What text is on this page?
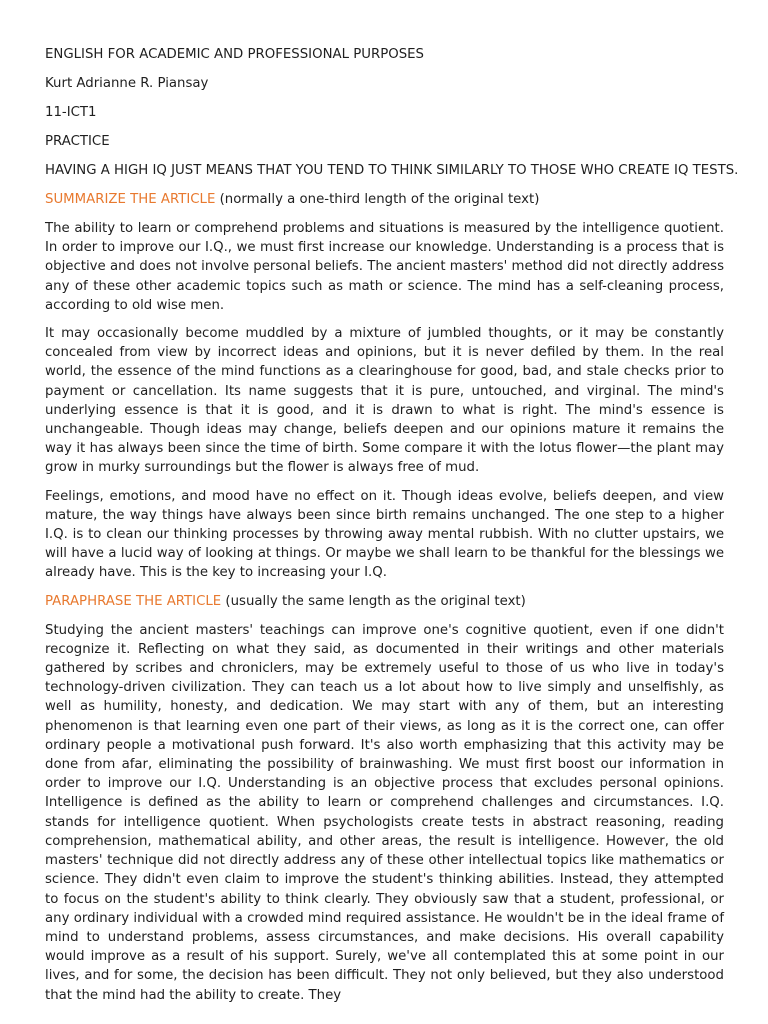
ENGLISH FOR ACADEMIC AND PROFESSIONAL PURPOSES

Kurt Adrianne R. Piansay

11-ICT1

PRACTICE

HAVING A HIGH IQ JUST MEANS THAT YOU TEND TO THINK SIMILARLY TO THOSE WHO CREATE IQ TESTS.

SUMMARIZE THE ARTICLE (normally a one-third length of the original text)

The ability to learn or comprehend problems and situations is measured by the intelligence quotient. In order to improve our I.Q., we must first increase our knowledge. Understanding is a process that is objective and does not involve personal beliefs. The ancient masters' method did not directly address any of these other academic topics such as math or science. The mind has a self-cleaning process, according to old wise men.

It may occasionally become muddled by a mixture of jumbled thoughts, or it may be constantly concealed from view by incorrect ideas and opinions, but it is never defiled by them. In the real world, the essence of the mind functions as a clearinghouse for good, bad, and stale checks prior to payment or cancellation. Its name suggests that it is pure, untouched, and virginal. The mind's underlying essence is that it is good, and it is drawn to what is right. The mind's essence is unchangeable. Though ideas may change, beliefs deepen and our opinions mature it remains the way it has always been since the time of birth. Some compare it with the lotus flower—the plant may grow in murky surroundings but the flower is always free of mud.

Feelings, emotions, and mood have no effect on it. Though ideas evolve, beliefs deepen, and view mature, the way things have always been since birth remains unchanged. The one step to a higher I.Q. is to clean our thinking processes by throwing away mental rubbish. With no clutter upstairs, we will have a lucid way of looking at things. Or maybe we shall learn to be thankful for the blessings we already have. This is the key to increasing your I.Q.

PARAPHRASE THE ARTICLE (usually the same length as the original text)

Studying the ancient masters' teachings can improve one's cognitive quotient, even if one didn't recognize it. Reflecting on what they said, as documented in their writings and other materials gathered by scribes and chroniclers, may be extremely useful to those of us who live in today's technology-driven civilization. They can teach us a lot about how to live simply and unselfishly, as well as humility, honesty, and dedication. We may start with any of them, but an interesting phenomenon is that learning even one part of their views, as long as it is the correct one, can offer ordinary people a motivational push forward. It's also worth emphasizing that this activity may be done from afar, eliminating the possibility of brainwashing. We must first boost our information in order to improve our I.Q. Understanding is an objective process that excludes personal opinions. Intelligence is defined as the ability to learn or comprehend challenges and circumstances. I.Q. stands for intelligence quotient. When psychologists create tests in abstract reasoning, reading comprehension, mathematical ability, and other areas, the result is intelligence. However, the old masters' technique did not directly address any of these other intellectual topics like mathematics or science. They didn't even claim to improve the student's thinking abilities. Instead, they attempted to focus on the student's ability to think clearly. They obviously saw that a student, professional, or any ordinary individual with a crowded mind required assistance. He wouldn't be in the ideal frame of mind to understand problems, assess circumstances, and make decisions. His overall capability would improve as a result of his support. Surely, we've all contemplated this at some point in our lives, and for some, the decision has been difficult. They not only believed, but they also understood that the mind had the ability to create. They
